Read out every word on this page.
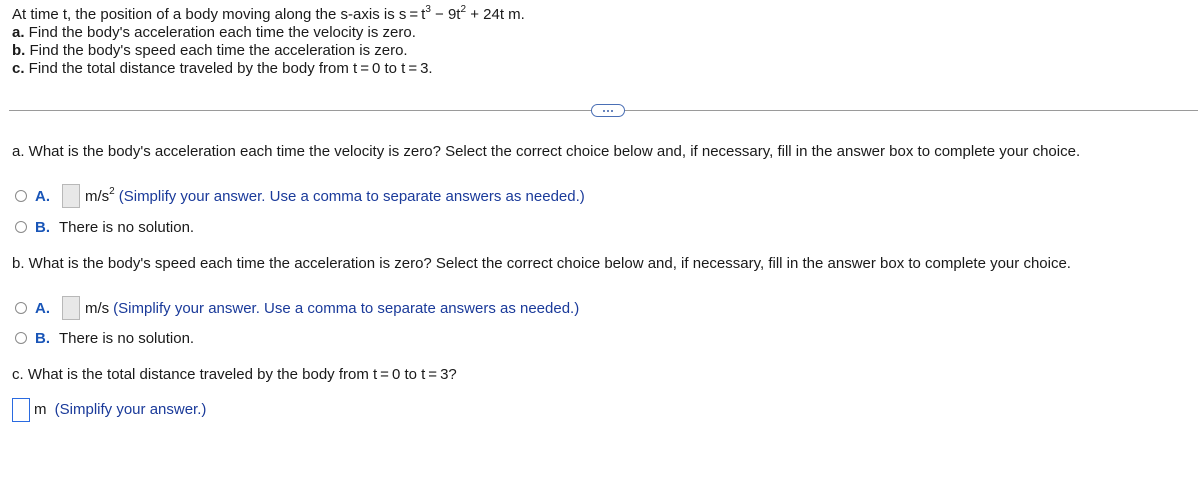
At time t, the position of a body moving along the s-axis is $s = t^3 - 9t^2 + 24t$ m.
a. Find the body's acceleration each time the velocity is zero.
b. Find the body's speed each time the acceleration is zero.
c. Find the total distance traveled by the body from t = 0 to t = 3.
a. What is the body's acceleration each time the velocity is zero? Select the correct choice below and, if necessary, fill in the answer box to complete your choice.
A. $m/s^2$ (Simplify your answer. Use a comma to separate answers as needed.)
B. There is no solution.
b. What is the body's speed each time the acceleration is zero? Select the correct choice below and, if necessary, fill in the answer box to complete your choice.
A. m/s (Simplify your answer. Use a comma to separate answers as needed.)
B. There is no solution.
c. What is the total distance traveled by the body from t = 0 to t = 3?
m (Simplify your answer.)
